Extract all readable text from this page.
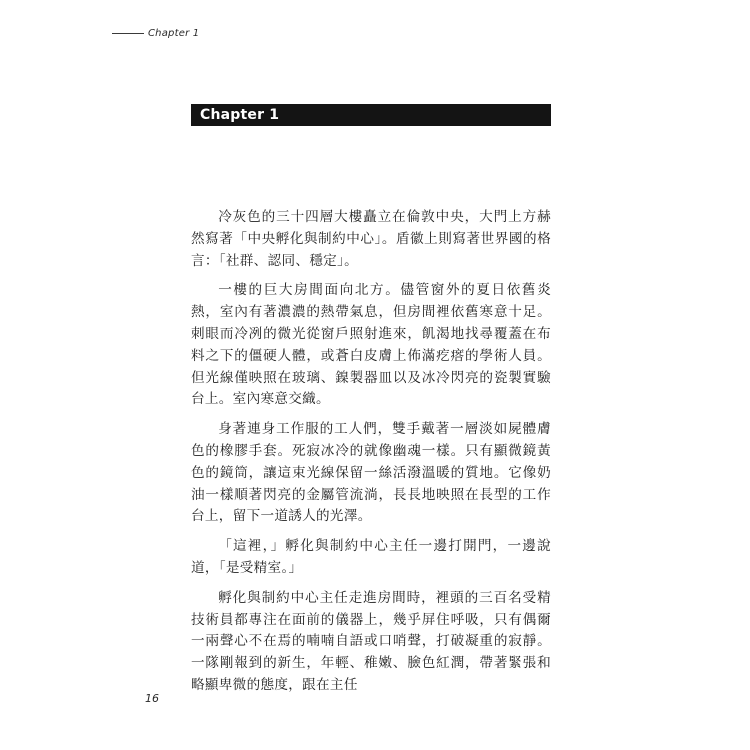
Chapter 1
Chapter 1

冷灰色的三十四層大樓矗立在倫敦中央，大門上方赫然寫著「中央孵化與制約中心」。盾徽上則寫著世界國的格言：「社群、認同、穩定」。

一樓的巨大房間面向北方。儘管窗外的夏日依舊炎熱，室內有著濃濃的熱帶氣息，但房間裡依舊寒意十足。刺眼而冷冽的微光從窗戶照射進來，飢渴地找尋覆蓋在布料之下的僵硬人體，或蒼白皮膚上佈滿疙瘩的學術人員。但光線僅映照在玻璃、鎳製器皿以及冰冷閃亮的瓷製實驗台上。室內寒意交織。

身著連身工作服的工人們，雙手戴著一層淡如屍體膚色的橡膠手套。死寂冰冷的就像幽魂一樣。只有顯微鏡黃色的鏡筒，讓這束光線保留一絲活潑溫暖的質地。它像奶油一樣順著閃亮的金屬管流淌，長長地映照在長型的工作台上，留下一道誘人的光澤。

「這裡，」孵化與制約中心主任一邊打開門，一邊說道，「是受精室。」

孵化與制約中心主任走進房間時，裡頭的三百名受精技術員都專注在面前的儀器上，幾乎屏住呼吸，只有偶爾一兩聲心不在焉的喃喃自語或口哨聲，打破凝重的寂靜。一隊剛報到的新生，年輕、稚嫩、臉色紅潤，帶著緊張和略顯卑微的態度，跟在主任

16
